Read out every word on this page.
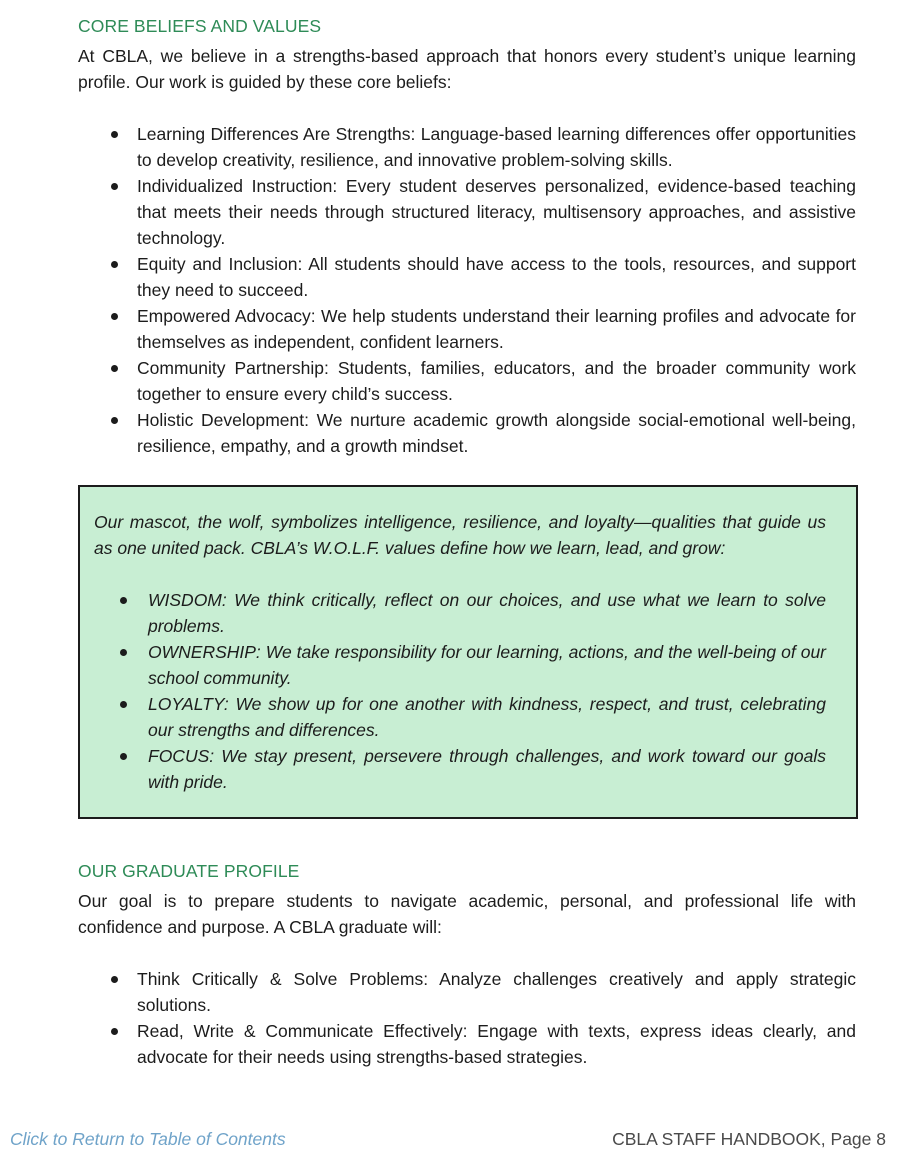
CORE BELIEFS AND VALUES

At CBLA, we believe in a strengths-based approach that honors every student’s unique learning profile. Our work is guided by these core beliefs:

Learning Differences Are Strengths: Language-based learning differences offer opportunities to develop creativity, resilience, and innovative problem-solving skills.
Individualized Instruction: Every student deserves personalized, evidence-based teaching that meets their needs through structured literacy, multisensory approaches, and assistive technology.
Equity and Inclusion: All students should have access to the tools, resources, and support they need to succeed.
Empowered Advocacy: We help students understand their learning profiles and advocate for themselves as independent, confident learners.
Community Partnership: Students, families, educators, and the broader community work together to ensure every child’s success.
Holistic Development: We nurture academic growth alongside social-emotional well-being, resilience, empathy, and a growth mindset.

Our mascot, the wolf, symbolizes intelligence, resilience, and loyalty—qualities that guide us as one united pack. CBLA’s W.O.L.F. values define how we learn, lead, and grow:

WISDOM: We think critically, reflect on our choices, and use what we learn to solve problems.
OWNERSHIP: We take responsibility for our learning, actions, and the well-being of our school community.
LOYALTY: We show up for one another with kindness, respect, and trust, celebrating our strengths and differences.
FOCUS: We stay present, persevere through challenges, and work toward our goals with pride.
OUR GRADUATE PROFILE

Our goal is to prepare students to navigate academic, personal, and professional life with confidence and purpose. A CBLA graduate will:

Think Critically & Solve Problems: Analyze challenges creatively and apply strategic solutions.
Read, Write & Communicate Effectively: Engage with texts, express ideas clearly, and advocate for their needs using strengths-based strategies.
Click to Return to Table of Contents	CBLA STAFF HANDBOOK, Page 8
